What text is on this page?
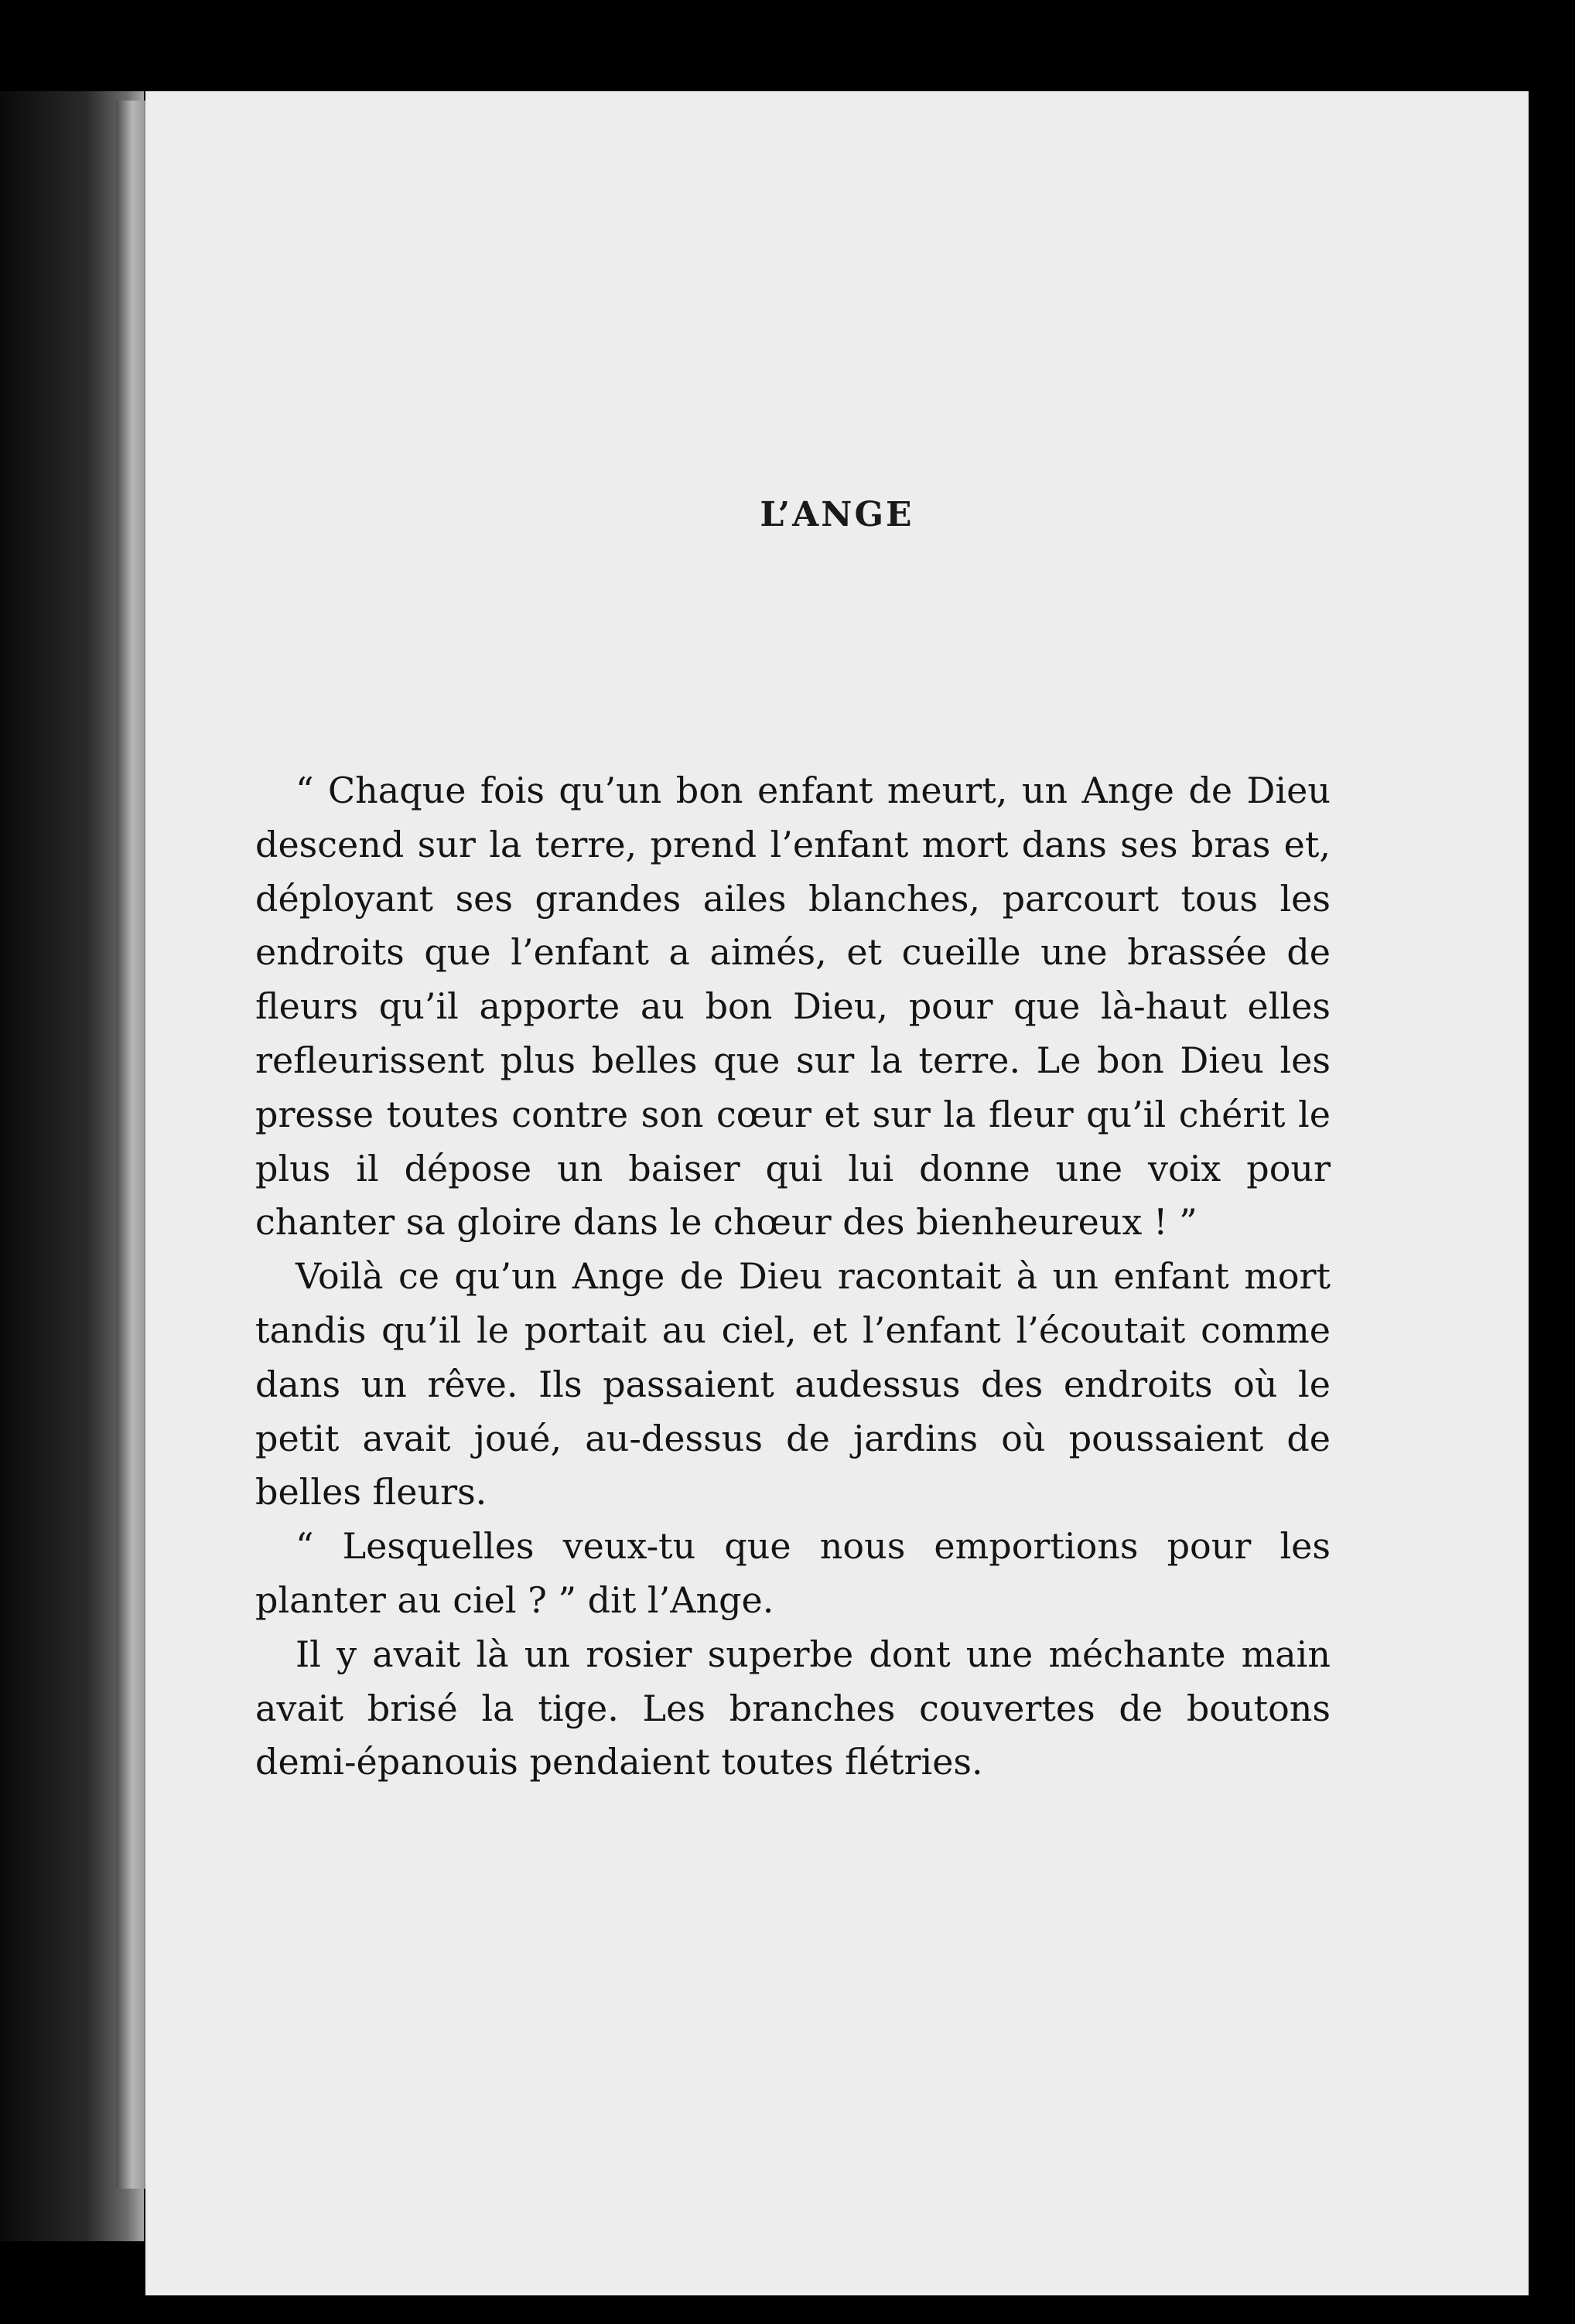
L’ANGE

“ Chaque fois qu’un bon enfant meurt, un Ange de Dieu descend sur la terre, prend l’enfant mort dans ses bras et, déployant ses grandes ailes blanches, parcourt tous les endroits que l’enfant a aimés, et cueille une brassée de fleurs qu’il apporte au bon Dieu, pour que là-haut elles refleurissent plus belles que sur la terre. Le bon Dieu les presse toutes contre son cœur et sur la fleur qu’il chérit le plus il dépose un baiser qui lui donne une voix pour chanter sa gloire dans le chœur des bienheureux ! ”

Voilà ce qu’un Ange de Dieu racontait à un enfant mort tandis qu’il le portait au ciel, et l’enfant l’écoutait comme dans un rêve. Ils passaient audessus des endroits où le petit avait joué, au-dessus de jardins où poussaient de belles fleurs.

“ Lesquelles veux-tu que nous emportions pour les planter au ciel ? ” dit l’Ange.

Il y avait là un rosier superbe dont une méchante main avait brisé la tige. Les branches couvertes de boutons demi-épanouis pendaient toutes flétries.
